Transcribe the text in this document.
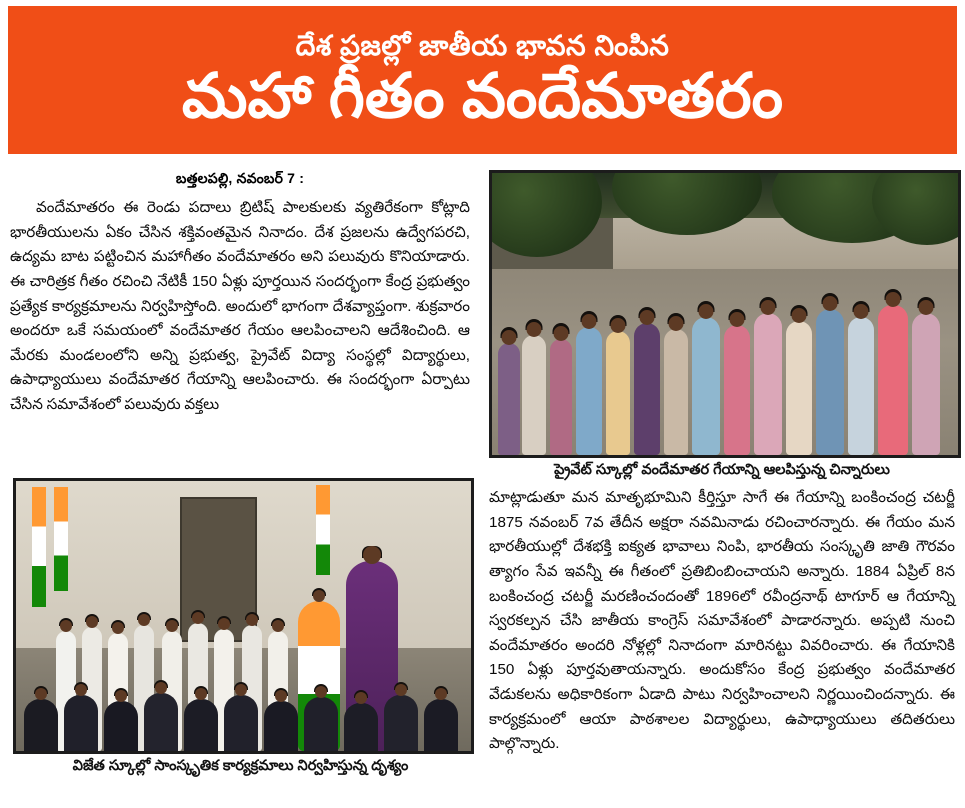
దేశ ప్రజల్లో జాతీయ భావన నింపిన
మహా గీతం వందేమాతరం
బత్తలపల్లి, నవంబర్ 7 :
వందేమాతరం ఈ రెండు పదాలు బ్రిటిష్ పాలకులకు వ్యతిరేకంగా కోట్లాది భారతీయులను ఏకం చేసిన శక్తివంతమైన నినాదం. దేశ ప్రజలను ఉద్వేగపరచి, ఉద్యమ బాట పట్టించిన మహాగీతం వందేమాతరం అని పలువురు కొనియాడారు. ఈ చారిత్రక గీతం రచించి నేటికీ 150 ఏళ్లు పూర్తయిన సందర్భంగా కేంద్ర ప్రభుత్వం ప్రత్యేక కార్యక్రమాలను నిర్వహిస్తోంది. అందులో భాగంగా దేశవ్యాప్తంగా. శుక్రవారం అందరూ ఒకే సమయంలో వందేమాతర గేయం ఆలపించాలని ఆదేశించింది. ఆ మేరకు మండలంలోని అన్ని ప్రభుత్వ, ప్రైవేట్ విద్యా సంస్థల్లో విద్యార్థులు, ఉపాధ్యాయులు వందేమాతర గేయాన్ని ఆలపించారు. ఈ సందర్భంగా ఏర్పాటు చేసిన సమావేశంలో పలువురు వక్తలు
ప్రైవేట్ స్కూల్లో వందేమాతర గేయాన్ని ఆలపిస్తున్న చిన్నారులు
మాట్లాడుతూ మన మాతృభూమిని కీర్తిస్తూ సాగే ఈ గేయాన్ని బంకించంద్ర చటర్జీ 1875 నవంబర్ 7వ తేదీన అక్షరా నవమినాడు రచించారన్నారు. ఈ గేయం మన భారతీయుల్లో దేశభక్తి ఐక్యత భావాలు నింపి, భారతీయ సంస్కృతి జాతి గౌరవం త్యాగం సేవ ఇవన్నీ ఈ గీతంలో ప్రతిబింబించాయని అన్నారు. 1884 ఏప్రిల్ 8న బంకించంద్ర చటర్జీ మరణించందంతో 1896లో రవీంద్రనాథ్ టాగూర్ ఆ గేయాన్ని స్వరకల్పన చేసి జాతీయ కాంగ్రెస్ సమావేశంలో పాడారన్నారు. అప్పటి నుంచి వందేమాతరం అందరి నోళ్లల్లో నినాదంగా మారినట్టు వివరించారు. ఈ గేయానికి 150 ఏళ్లు పూర్తవుతాయన్నారు. అందుకోసం కేంద్ర ప్రభుత్వం వందేమాతర వేడుకలను అధికారికంగా ఏడాది పాటు నిర్వహించాలని నిర్ణయించిందన్నారు. ఈ కార్యక్రమంలో ఆయా పాఠశాలల విద్యార్థులు, ఉపాధ్యాయులు తదితరులు పాల్గొన్నారు.
విజేత స్కూల్లో సాంస్కృతిక కార్యక్రమాలు నిర్వహిస్తున్న దృశ్యం
